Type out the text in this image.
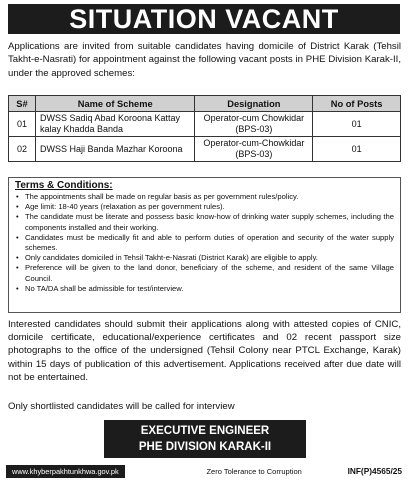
SITUATION VACANT

Applications are invited from suitable candidates having domicile of District Karak (Tehsil Takht-e-Nasrati) for appointment against the following vacant posts in PHE Division Karak-II, under the approved schemes:

S#	Name of Scheme	Designation	No of Posts
01	DWSS Sadiq Abad Koroona Kattay kalay Khadda Banda	Operator-cum Chowkidar (BPS-03)	01
02	DWSS Haji Banda Mazhar Koroona	Operator-cum-Chowkidar (BPS-03)	01
Terms & Conditions:
• The appointments shall be made on regular basis as per government rules/policy.
• Age limit: 18-40 years (relaxation as per government rules).
• The candidate must be literate and possess basic know-how of drinking water supply schemes, including the components installed and their working.
• Candidates must be medically fit and able to perform duties of operation and security of the water supply schemes.
• Only candidates domiciled in Tehsil Takht-e-Nasrati (District Karak) are eligible to apply.
• Preference will be given to the land donor, beneficiary of the scheme, and resident of the same Village Council.
• No TA/DA shall be admissible for test/interview.

Interested candidates should submit their applications along with attested copies of CNIC, domicile certificate, educational/experience certificates and 02 recent passport size photographs to the office of the undersigned (Tehsil Colony near PTCL Exchange, Karak) within 15 days of publication of this advertisement. Applications received after due date will not be entertained.

Only shortlisted candidates will be called for interview

EXECUTIVE ENGINEER
PHE DIVISION KARAK-II
www.khyberpakhtunkhwa.gov.pk	Zero Tolerance to Corruption	INF(P)4565/25
